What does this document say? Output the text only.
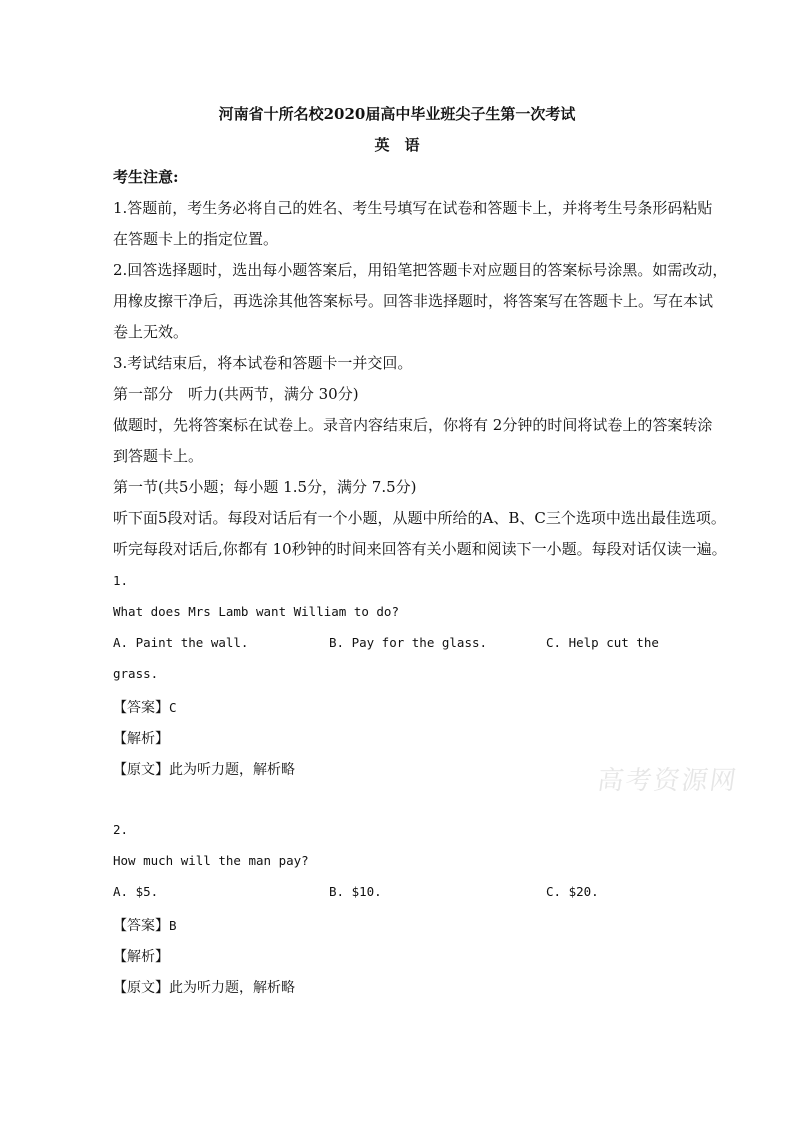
河南省十所名校2020届高中毕业班尖子生第一次考试
英　语
考生注意:
1.答题前，考生务必将自己的姓名、考生号填写在试卷和答题卡上，并将考生号条形码粘贴
在答题卡上的指定位置。
2.回答选择题时，选出每小题答案后，用铅笔把答题卡对应题目的答案标号涂黑。如需改动，
用橡皮擦干净后，再选涂其他答案标号。回答非选择题时，将答案写在答题卡上。写在本试
卷上无效。
3.考试结束后，将本试卷和答题卡一并交回。
第一部分　听力(共两节，满分 30分)
做题时，先将答案标在试卷上。录音内容结束后，你将有 2分钟的时间将试卷上的答案转涂
到答题卡上。
第一节(共5小题；每小题 1.5分，满分 7.5分)
听下面5段对话。每段对话后有一个小题，从题中所给的A、B、C三个选项中选出最佳选项。
听完每段对话后,你都有 10秒钟的时间来回答有关小题和阅读下一小题。每段对话仅读一遍。
1.
What does Mrs Lamb want William to do?
A. Paint the wall.	B. Pay for the glass.	C. Help cut the
grass.
【答案】C
【解析】
【原文】此为听力题，解析略
2.
How much will the man pay?
A. $5.	B. $10.	C. $20.
【答案】B
【解析】
【原文】此为听力题，解析略
高考资源网
